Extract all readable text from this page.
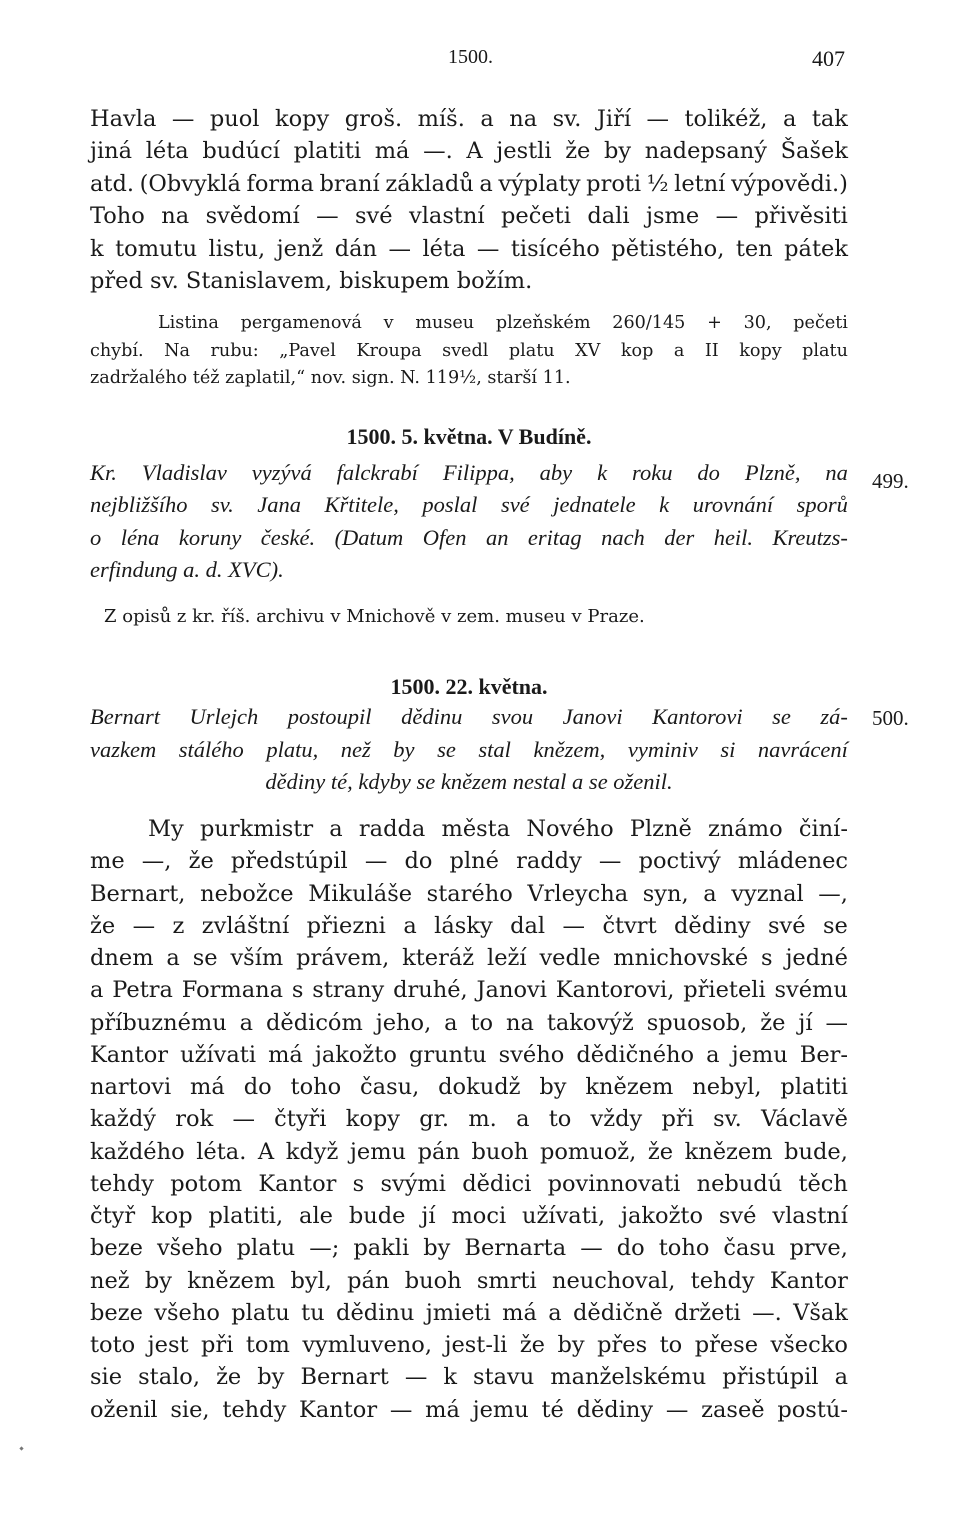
1500.	407
Havla — puol kopy groš. míš. a na sv. Jiří — tolikéž, a tak
jiná léta budúcí platiti má —. A jestli že by nadepsaný Šašek
atd. (Obvyklá forma braní základů a výplaty proti ½ letní výpovědi.)
Toho na svědomí — své vlastní pečeti dali jsme — přivěsiti
k tomutu listu, jenž dán — léta — tisícého pětistého, ten pátek
před sv. Stanislavem, biskupem božím.
Listina pergamenová v museu plzeňském 260/145 + 30, pečeti
chybí. Na rubu: „Pavel Kroupa svedl platu XV kop a II kopy platu
zadržalého též zaplatil,“ nov. sign. N. 119½, starší 11.
1500. 5. května. V Budíně.
499.
Kr. Vladislav vyzývá falckrabí Filippa, aby k roku do Plzně, na
nejbližšího sv. Jana Křtitele, poslal své jednatele k urovnání sporů
o léna koruny české. (Datum Ofen an eritag nach der heil. Kreutzs-
erfindung a. d. XVC).
Z opisů z kr. říš. archivu v Mnichově v zem. museu v Praze.
1500. 22. května.
500.
Bernart Urlejch postoupil dědinu svou Janovi Kantorovi se zá-
vazkem stálého platu, než by se stal knězem, vyminiv si navrácení
dědiny té, kdyby se knězem nestal a se oženil.
My purkmistr a radda města Nového Plzně známo činí-
me —, že předstúpil — do plné raddy — poctivý mládenec
Bernart, nebožce Mikuláše starého Vrleycha syn, a vyznal —,
že — z zvláštní přiezni a lásky dal — čtvrt dědiny své se
dnem a se vším právem, kteráž leží vedle mnichovské s jedné
a Petra Formana s strany druhé, Janovi Kantorovi, přieteli svému
příbuznému a dědicóm jeho, a to na takovýž spuosob, že jí —
Kantor užívati má jakožto gruntu svého dědičného a jemu Ber-
nartovi má do toho času, dokudž by knězem nebyl, platiti
každý rok — čtyři kopy gr. m. a to vždy při sv. Václavě
každého léta. A když jemu pán buoh pomuož, že knězem bude,
tehdy potom Kantor s svými dědici povinnovati nebudú těch
čtyř kop platiti, ale bude jí moci užívati, jakožto své vlastní
beze všeho platu —; pakli by Bernarta — do toho času prve,
než by knězem byl, pán buoh smrti neuchoval, tehdy Kantor
beze všeho platu tu dědinu jmieti má a dědičně držeti —. Však
toto jest při tom vymluveno, jest-li že by přes to přese všecko
sie stalo, že by Bernart — k stavu manželskému přistúpil a
oženil sie, tehdy Kantor — má jemu té dědiny — zaseě postú-
